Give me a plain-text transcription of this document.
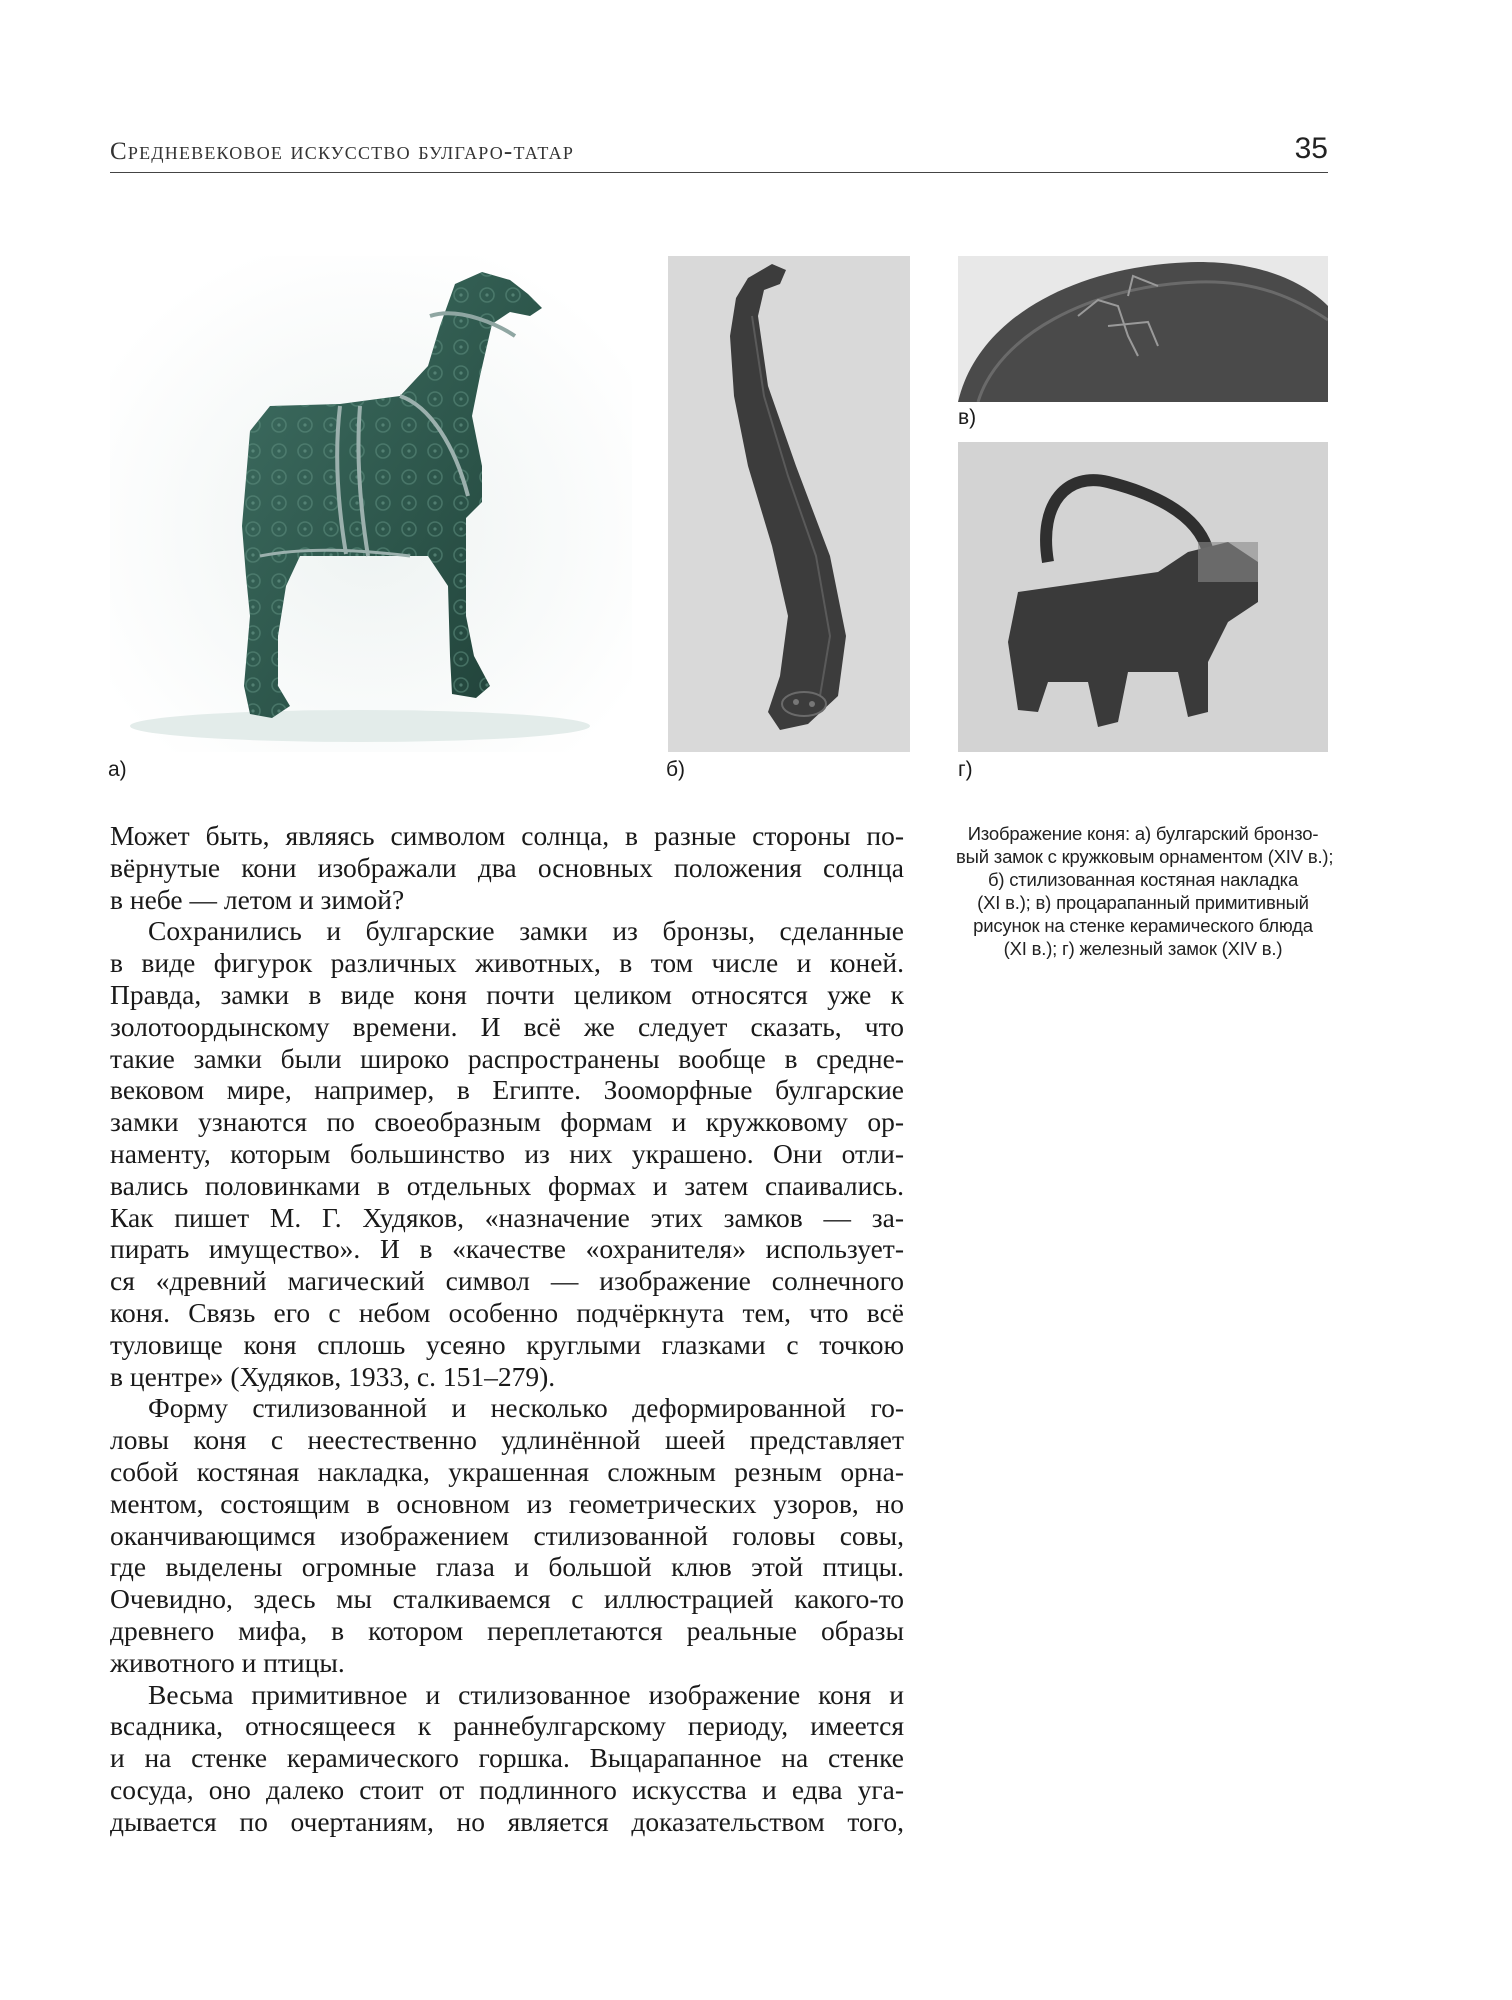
Средневековое искусство булгаро-татар	35
а)	б)
в)
г)
Изображение коня: а) булгарский бронзо-
вый замок с кружковым орнаментом (XIV в.);
б) стилизованная костяная накладка
(XI в.); в) процарапанный примитивный
рисунок на стенке керамического блюда
(XI в.); г) железный замок (XIV в.)
Может быть, являясь символом солнца, в разные стороны по-
вёрнутые кони изображали два основных положения солнца
в небе — летом и зимой?
Сохранились и булгарские замки из бронзы, сделанные
в виде фигурок различных животных, в том числе и коней.
Правда, замки в виде коня почти целиком относятся уже к
золотоордынскому времени. И всё же следует сказать, что
такие замки были широко распространены вообще в средне-
вековом мире, например, в Египте. Зооморфные булгарские
замки узнаются по своеобразным формам и кружковому ор-
наменту, которым большинство из них украшено. Они отли-
вались половинками в отдельных формах и затем спаивались.
Как пишет М. Г. Худяков, «назначение этих замков — за-
пирать имущество». И в «качестве «охранителя» использует-
ся «древний магический символ — изображение солнечного
коня. Связь его с небом особенно подчёркнута тем, что всё
туловище коня сплошь усеяно круглыми глазками с точкою
в центре» (Худяков, 1933, с. 151–279).
Форму стилизованной и несколько деформированной го-
ловы коня с неестественно удлинённой шеей представляет
собой костяная накладка, украшенная сложным резным орна-
ментом, состоящим в основном из геометрических узоров, но
оканчивающимся изображением стилизованной головы совы,
где выделены огромные глаза и большой клюв этой птицы.
Очевидно, здесь мы сталкиваемся с иллюстрацией какого-то
древнего мифа, в котором переплетаются реальные образы
животного и птицы.
Весьма примитивное и стилизованное изображение коня и
всадника, относящееся к раннебулгарскому периоду, имеется
и на стенке керамического горшка. Выцарапанное на стенке
сосуда, оно далеко стоит от подлинного искусства и едва уга-
дывается по очертаниям, но является доказательством того,
